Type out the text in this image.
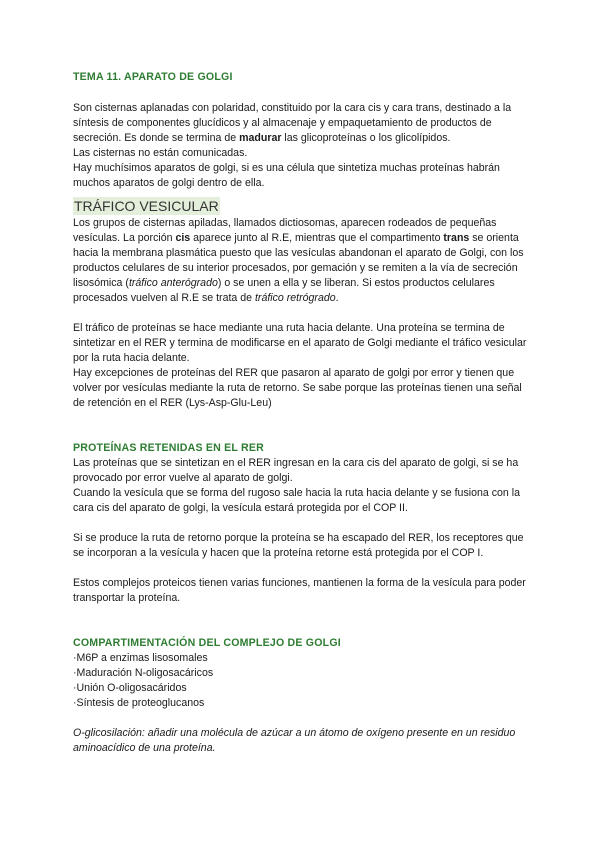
TEMA 11. APARATO DE GOLGI

Son cisternas aplanadas con polaridad, constituido por la cara cis y cara trans, destinado a la síntesis de componentes glucídicos y al almacenaje y empaquetamiento de productos de secreción. Es donde se termina de madurar las glicoproteínas o los glicolípidos.

Las cisternas no están comunicadas.

Hay muchísimos aparatos de golgi, si es una célula que sintetiza muchas proteínas habrán muchos aparatos de golgi dentro de ella.

TRÁFICO VESICULAR

Los grupos de cisternas apiladas, llamados dictiosomas, aparecen rodeados de pequeñas vesículas. La porción cis aparece junto al R.E, mientras que el compartimento trans se orienta hacia la membrana plasmática puesto que las vesículas abandonan el aparato de Golgi, con los productos celulares de su interior procesados, por gemación y se remiten a la vía de secreción lisosómica (tráfico anterógrado) o se unen a ella y se liberan. Si estos productos celulares procesados vuelven al R.E se trata de tráfico retrógrado.

El tráfico de proteínas se hace mediante una ruta hacia delante. Una proteína se termina de sintetizar en el RER y termina de modificarse en el aparato de Golgi mediante el tráfico vesicular por la ruta hacia delante.

Hay excepciones de proteínas del RER que pasaron al aparato de golgi por error y tienen que volver por vesículas mediante la ruta de retorno. Se sabe porque las proteínas tienen una señal de retención en el RER (Lys-Asp-Glu-Leu)

PROTEÍNAS RETENIDAS EN EL RER

Las proteínas que se sintetizan en el RER ingresan en la cara cis del aparato de golgi, si se ha provocado por error vuelve al aparato de golgi.

Cuando la vesícula que se forma del rugoso sale hacia la ruta hacia delante y se fusiona con la cara cis del aparato de golgi, la vesícula estará protegida por el COP II.

Si se produce la ruta de retorno porque la proteína se ha escapado del RER, los receptores que se incorporan a la vesícula y hacen que la proteína retorne está protegida por el COP I.

Estos complejos proteicos tienen varias funciones, mantienen la forma de la vesícula para poder transportar la proteína.

COMPARTIMENTACIÓN DEL COMPLEJO DE GOLGI

·M6P a enzimas lisosomales
·Maduración N-oligosacáricos
·Unión O-oligosacáridos
·Síntesis de proteoglucanos

O-glicosilación: añadir una molécula de azúcar a un átomo de oxígeno presente en un residuo aminoacídico de una proteína.
